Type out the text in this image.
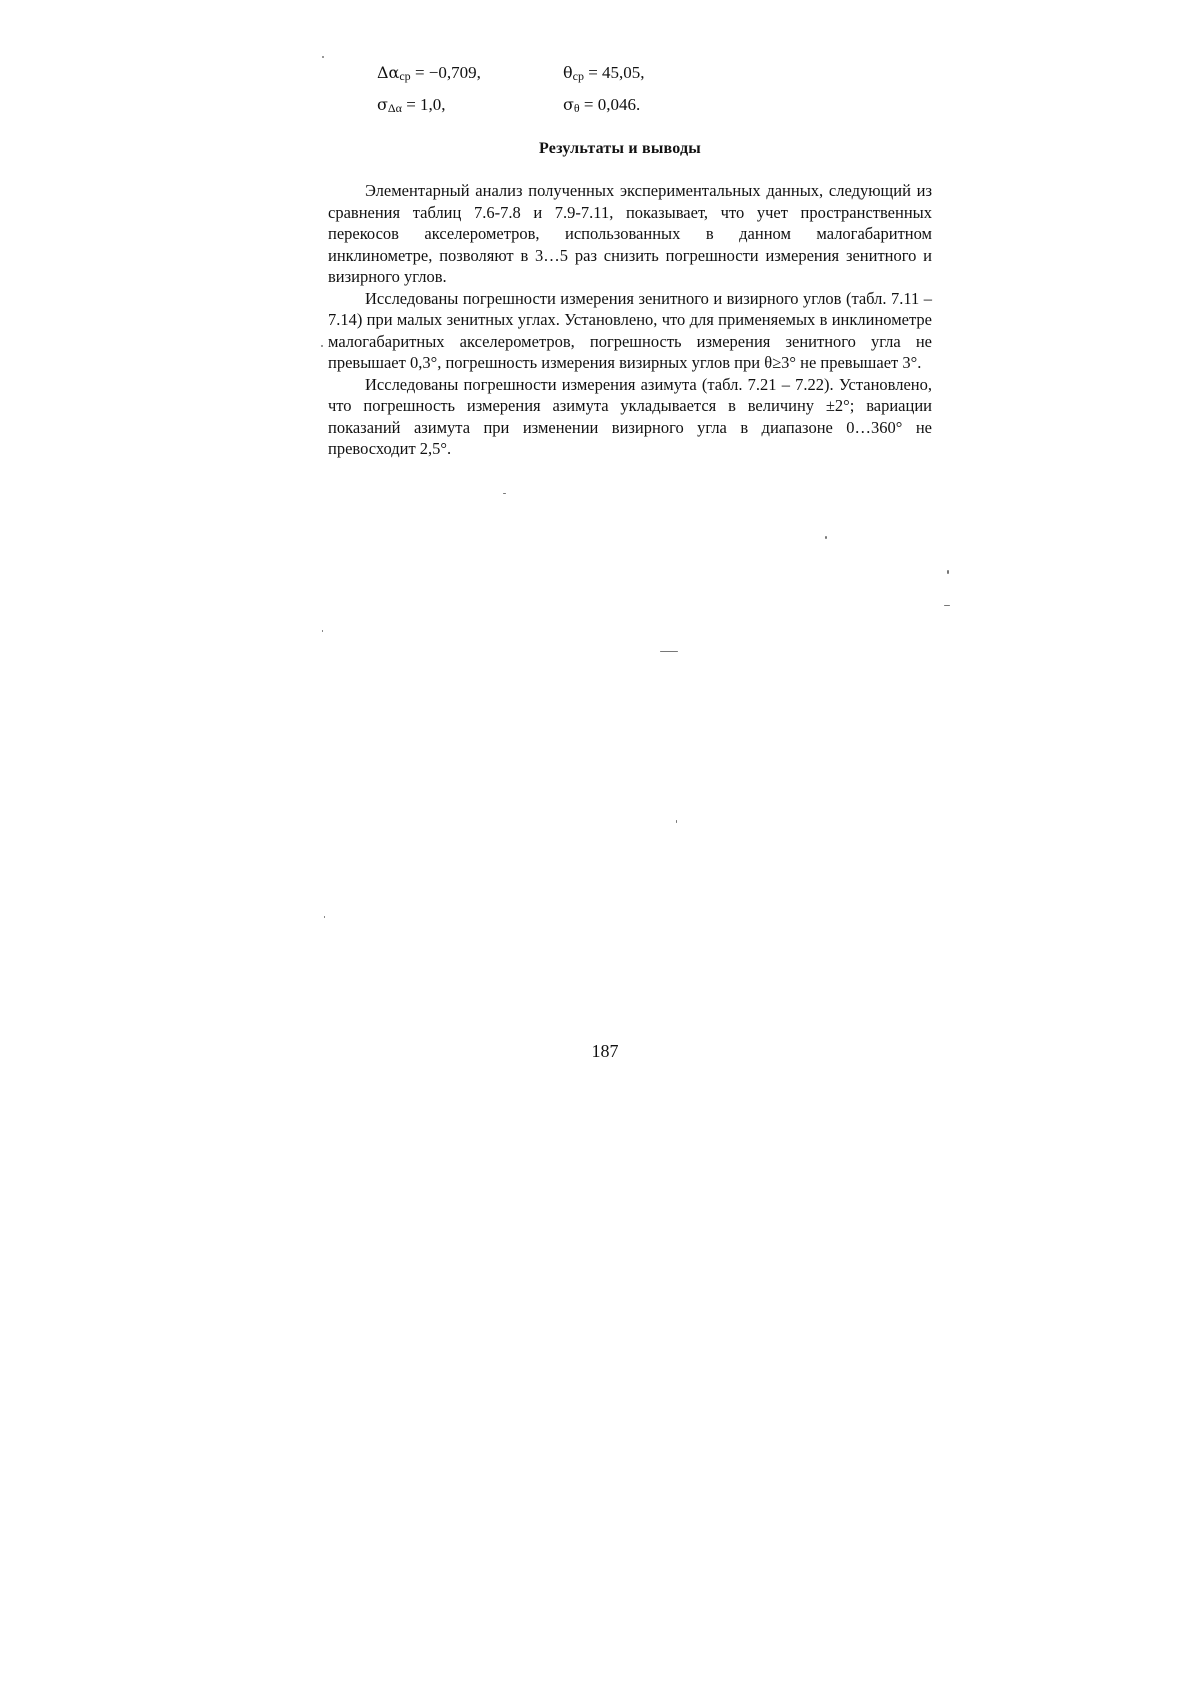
$\Delta\alpha_{ср} = -0,709$,	$\theta_{ср} = 45,05$,
$\sigma_{\Delta\alpha} = 1,0$,	$\sigma_\theta = 0,046$.
Результаты и выводы

Элементарный анализ полученных экспериментальных данных, следующий из сравнения таблиц 7.6-7.8 и 7.9-7.11, показывает, что учет пространственных перекосов акселерометров, использованных в данном малогабаритном инклинометре, позволяют в 3…5 раз снизить погрешности измерения зенитного и визирного углов.

Исследованы погрешности измерения зенитного и визирного углов (табл. 7.11 – 7.14) при малых зенитных углах. Установлено, что для применяемых в инклинометре малогабаритных акселерометров, погрешность измерения зенитного угла не превышает 0,3°, погрешность измерения визирных углов при θ≥3° не превышает 3°.

Исследованы погрешности измерения азимута (табл. 7.21 – 7.22). Установлено, что погрешность измерения азимута укладывается в величину ±2°; вариации показаний азимута при изменении визирного угла в диапазоне 0…360° не превосходит 2,5°.

187
